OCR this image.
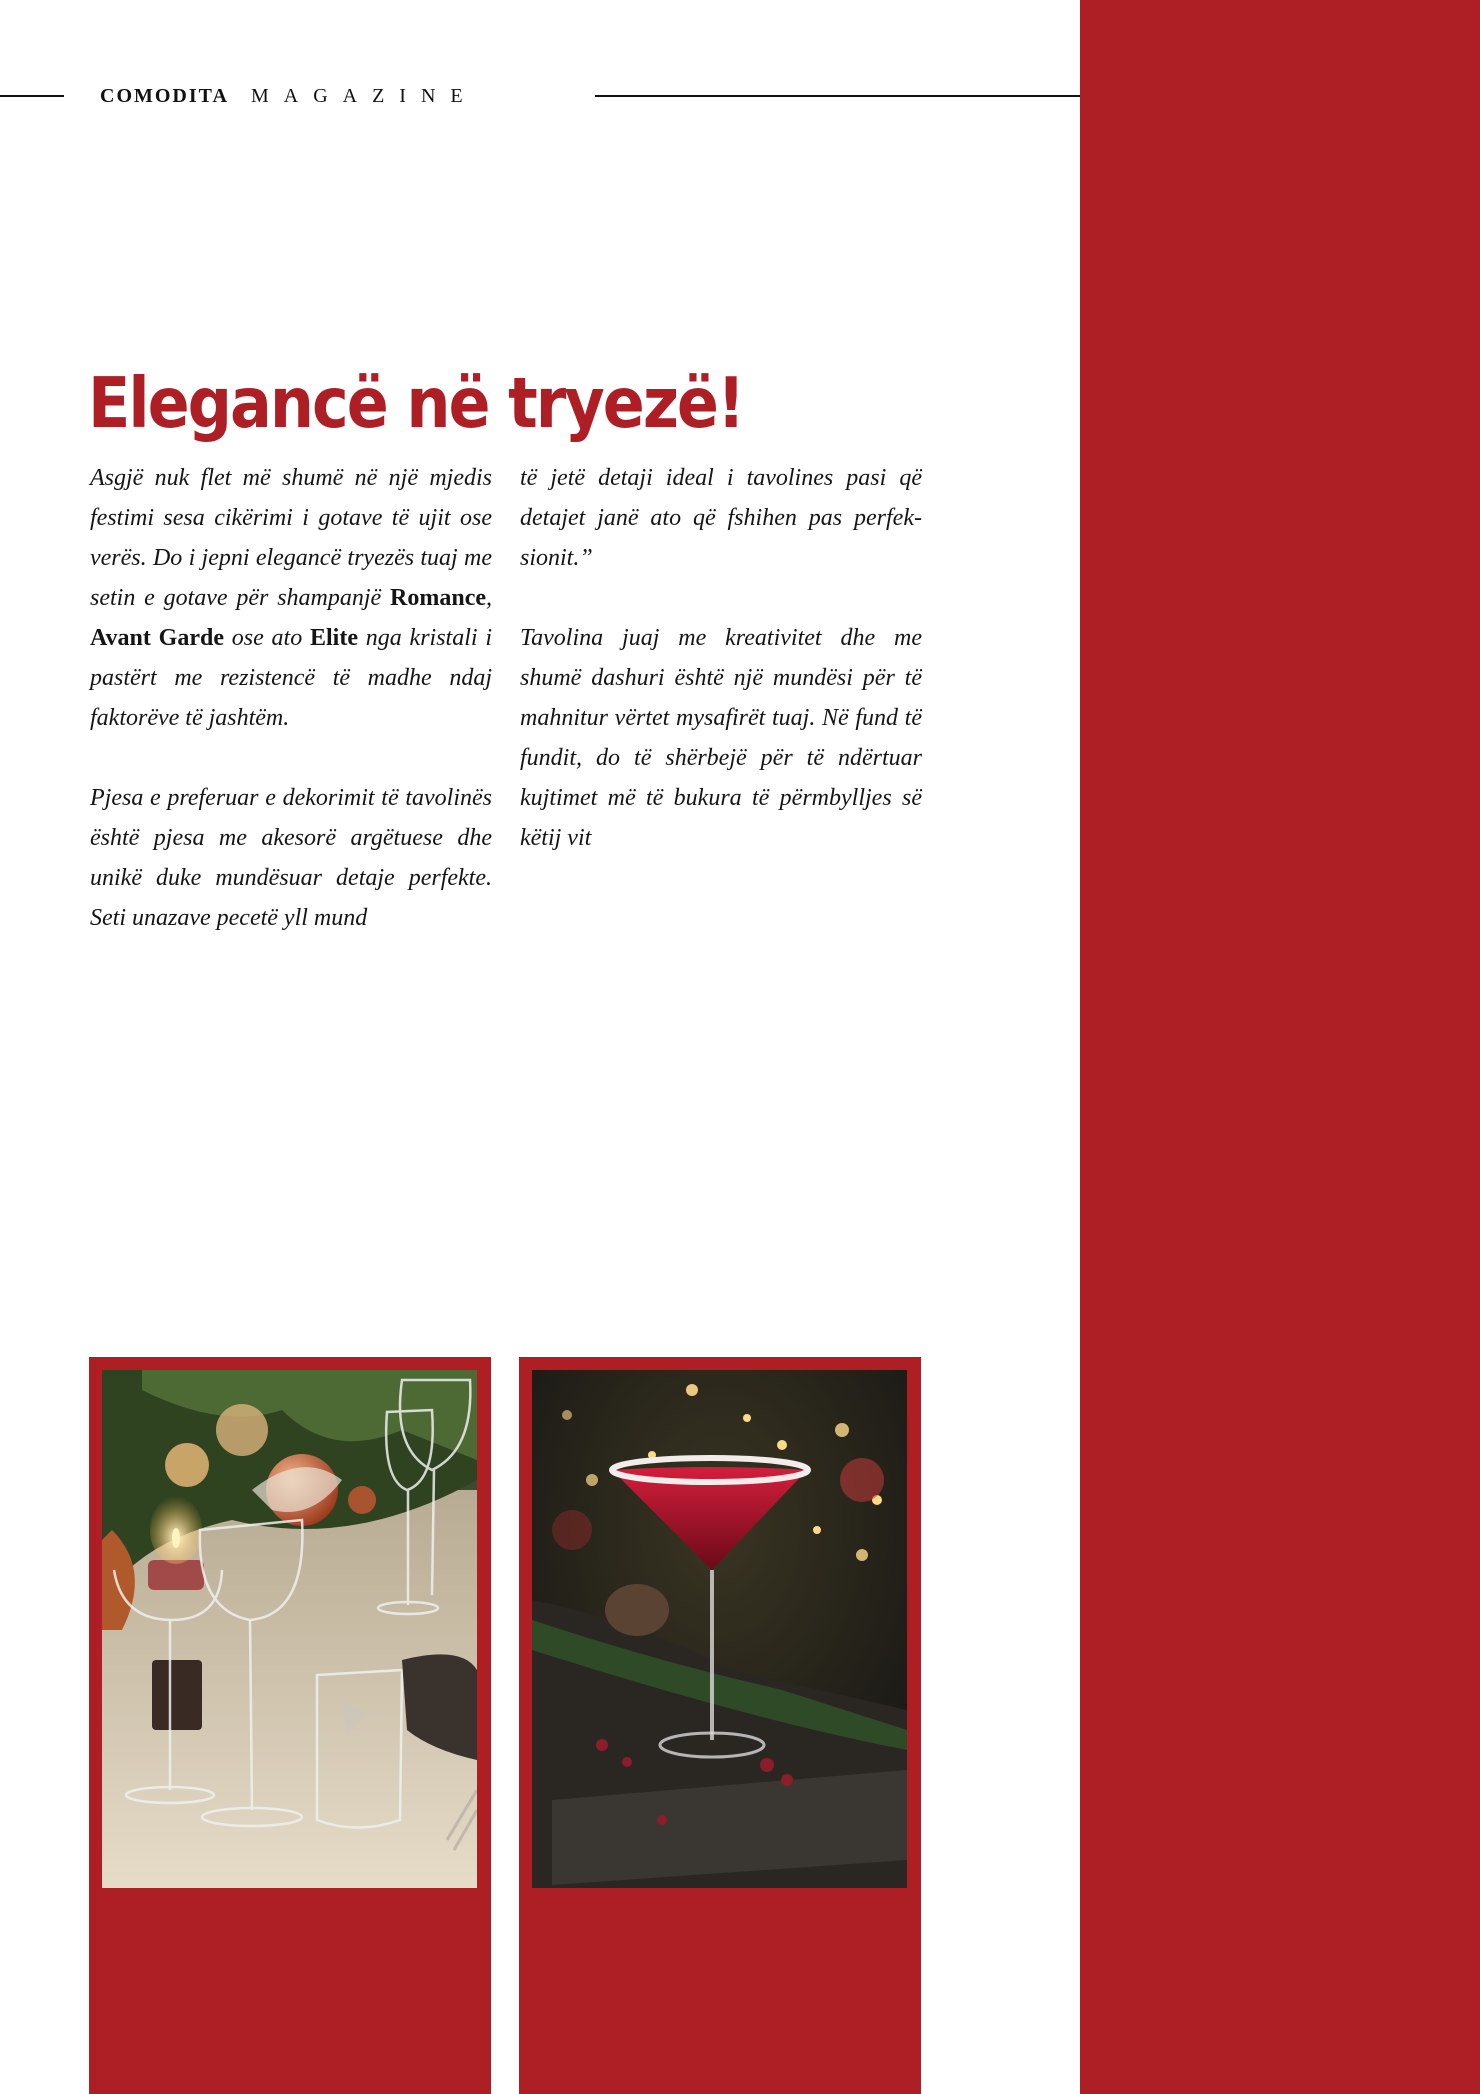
COMODITA MAGAZINE
Elegancë në tryezë!

Asgjë nuk flet më shumë në një mjedis festimi sesa cikërimi i gotave të ujit ose verës. Do i jepni elegancë tryezës tuaj me setin e gotave për shampanjë Romance, Avant Garde ose ato Elite nga kristali i pastërt me rezistencë të madhe ndaj faktorëve të jashtëm.

Pjesa e preferuar e dekorimit të tavolinës është pjesa me akesorë argëtuese dhe unikë duke mundësuar detaje perfekte. Seti unazave pecetë yll mund

të jetë detaji ideal i tavolines pasi që detajet janë ato që fshihen pas perfeksionit.”

Tavolina juaj me kreativitet dhe me shumë dashuri është një mundësi për të mahnitur vërtet mysafirët tuaj. Në fund të fundit, do të shërbejë për të ndërtuar kujtimet më të bukura të përmbylljes së këtij vit
